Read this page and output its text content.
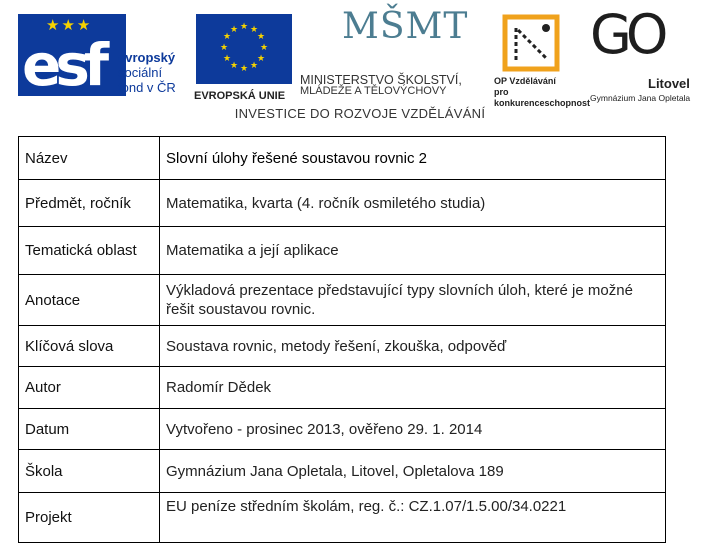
★★★
esf evropský
sociální
fond v ČR
★ ★
★
★
★
★
★
★
★
★
★
★
EVROPSKÁ UNIE
MŠMT
MINISTERSTVO ŠKOLSTVÍ,
MLÁDEŽE A TĚLOVÝCHOVY
OP Vzdělávání
pro konkurenceschopnost
GO
Litovel
Gymnázium Jana Opletala
INVESTICE DO ROZVOJE VZDĚLÁVÁNÍ
Název	Slovní úlohy řešené soustavou rovnic 2
Předmět, ročník	Matematika, kvarta (4. ročník osmiletého studia)
Tematická oblast	Matematika a její aplikace
Anotace	Výkladová prezentace představující typy slovních úloh, které je možné řešit soustavou rovnic.
Klíčová slova	Soustava rovnic, metody řešení, zkouška, odpověď
Autor	Radomír Dědek
Datum	Vytvořeno - prosinec 2013, ověřeno 29. 1. 2014
Škola	Gymnázium Jana Opletala, Litovel, Opletalova 189
Projekt	EU peníze středním školám, reg. č.: CZ.1.07/1.5.00/34.0221
